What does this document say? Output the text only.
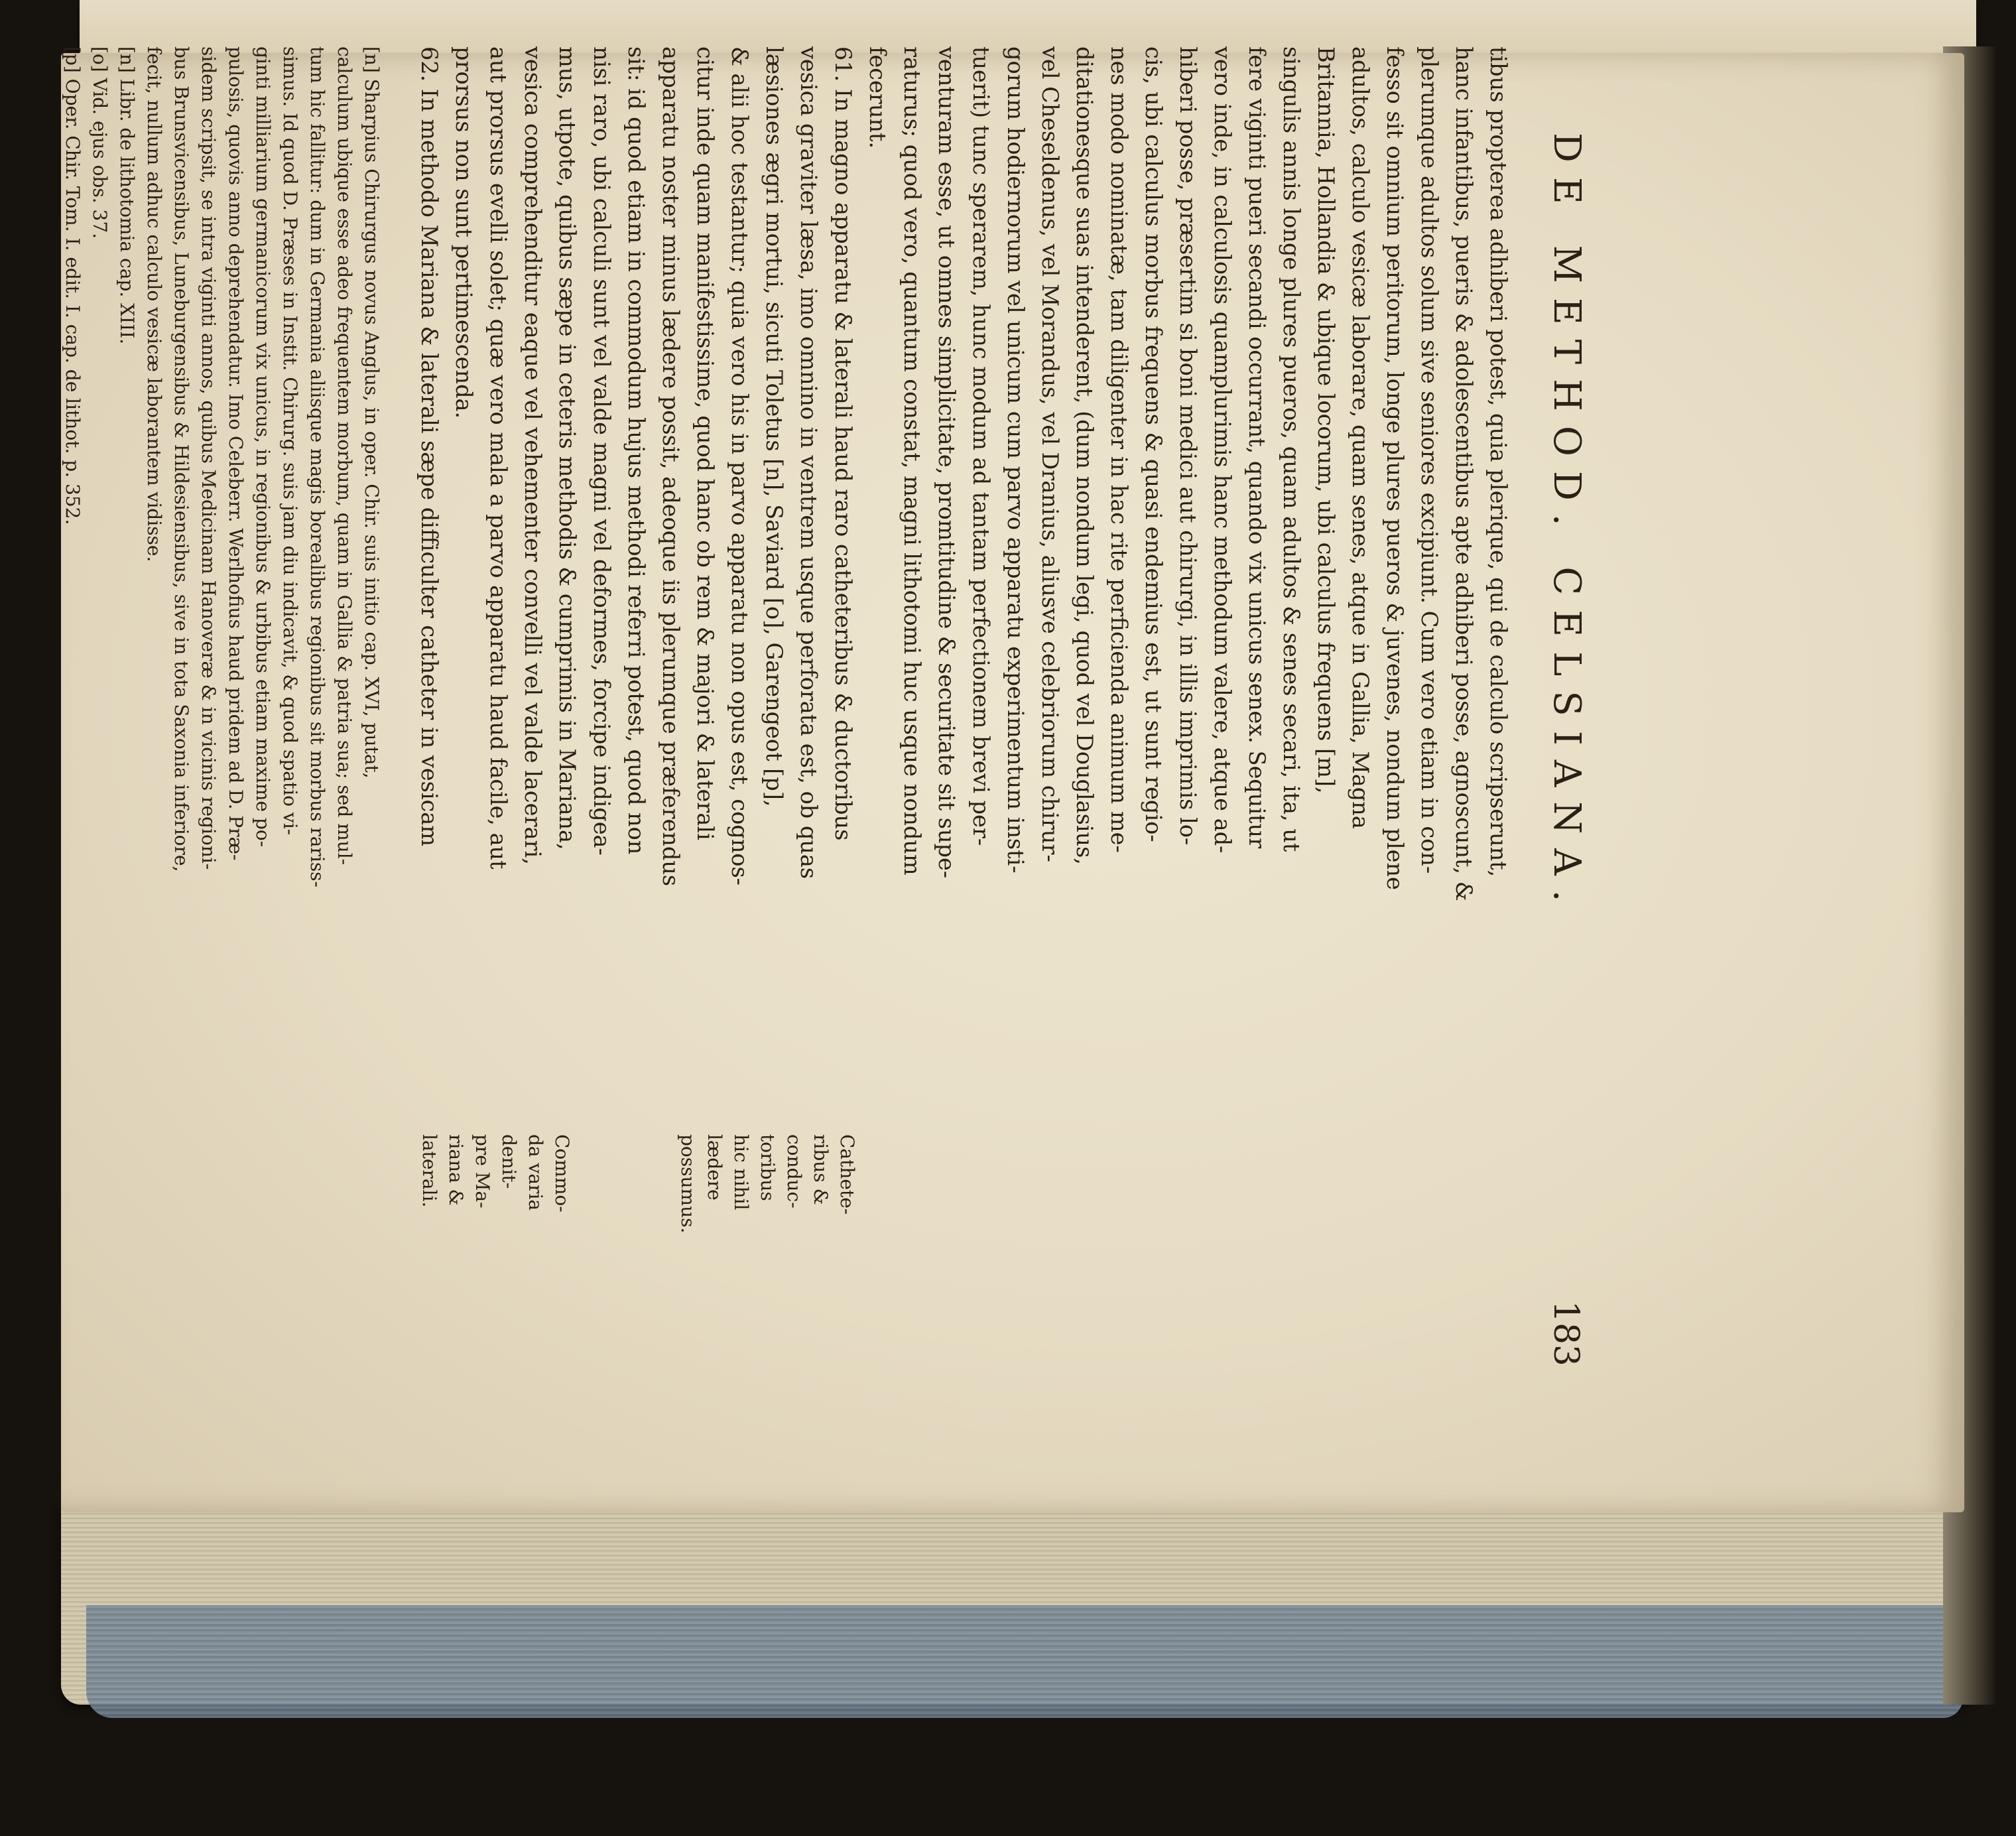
DE METHOD. CELSIANA.
183
tibus propterea adhiberi potest, quia plerique, qui de calculo scripserunt,
hanc infantibus, pueris & adolescentibus apte adhiberi posse, agnoscunt, &
plerumque adultos solum sive seniores excipiunt. Cum vero etiam in con-
fesso sit omnium peritorum, longe plures pueros & juvenes, nondum plene
adultos, calculo vesicæ laborare, quam senes, atque in Gallia, Magna
Britannia, Hollandia & ubique locorum, ubi calculus frequens [m],
singulis annis longe plures pueros, quam adultos & senes secari, ita, ut
fere viginti pueri secandi occurrant, quando vix unicus senex. Sequitur
vero inde, in calculosis quamplurimis hanc methodum valere, atque ad-
hiberi posse, præsertim si boni medici aut chirurgi, in illis imprimis lo-
cis, ubi calculus morbus frequens & quasi endemius est, ut sunt regio-
nes modo nominatæ, tam diligenter in hac rite perficienda animum me-
ditationesque suas intenderent, (dum nondum legi, quod vel Douglasius,
vel Cheseldenus, vel Morandus, vel Dranius, aliusve celebriorum chirur-
gorum hodiernorum vel unicum cum parvo apparatu experimentum insti-
tuerit) tunc sperarem, hunc modum ad tantam perfectionem brevi per-
venturam esse, ut omnes simplicitate, promtitudine & securitate sit supe-
raturus; quod vero, quantum constat, magni lithotomi huc usque nondum
fecerunt.
61. In magno apparatu & laterali haud raro catheteribus & ductoribus
vesica graviter læsa, imo omnino in ventrem usque perforata est, ob quas
læsiones ægri mortui, sicuti Toletus [n], Saviard [o], Garengeot [p],
& alii hoc testantur; quia vero his in parvo apparatu non opus est, cognos-
citur inde quam manifestissime, quod hanc ob rem & majori & laterali
apparatu noster minus lædere possit, adeoque iis plerumque præferendus
sit: id quod etiam in commodum hujus methodi referri potest, quod non
nisi raro, ubi calculi sunt vel valde magni vel deformes, forcipe indigea-
mus, utpote, quibus sæpe in ceteris methodis & cumprimis in Mariana,
vesica comprehenditur eaque vel vehementer convelli vel valde lacerari,
aut prorsus evelli solet; quæ vero mala a parvo apparatu haud facile, aut
prorsus non sunt pertimescenda.
62. In methodo Mariana & laterali sæpe difficulter catheter in vesicam
Cathete-
ribus &
conduc-
toribus
hic nihil
lædere
possumus.
Commo-
da varia
denit-
pre Ma-
riana &
laterali.
[n] Sharpius Chirurgus novus Anglus, in oper. Chir. suis initio cap. XVI, putat,
calculum ubique esse adeo frequentem morbum, quam in Gallia & patria sua; sed mul-
tum hic fallitur: dum in Germania aliisque magis borealibus regionibus sit morbus rariss-
simus. Id quod D. Præses in Instit. Chirurg. suis jam diu indicavit, & quod spatio vi-
ginti milliarium germanicorum vix unicus, in regionibus & urbibus etiam maxime po-
pulosis, quovis anno deprehendatur. Imo Celeberr. Werlhofius haud pridem ad D. Præ-
sidem scripsit, se intra viginti annos, quibus Medicinam Hanoveræ & in vicinis regioni-
bus Brunsvicensibus, Luneburgensibus & Hildesiensibus, sive in tota Saxonia inferiore,
fecit, nullum adhuc calculo vesicæ laborantem vidisse.
[n] Libr. de lithotomia cap. XIII.
[o] Vid. ejus obs. 37.
[p] Oper. Chir. Tom. I. edit. I. cap. de lithot. p. 352.
